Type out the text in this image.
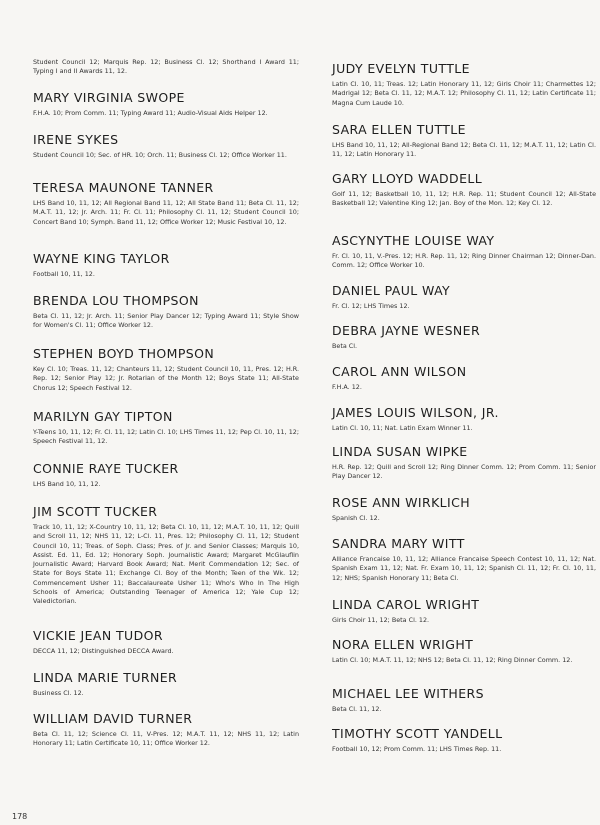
Student Council 12; Marquis Rep. 12; Business Cl. 12; Shorthand I Award 11; Typing I and II Awards 11, 12.
MARY VIRGINIA SWOPE
F.H.A. 10; Prom Comm. 11; Typing Award 11; Audio-Visual Aids Helper 12.
IRENE SYKES
Student Council 10; Sec. of HR. 10; Orch. 11; Business Cl. 12; Office Worker 11.
TERESA MAUNONE TANNER
LHS Band 10, 11, 12; All Regional Band 11, 12; All State Band 11; Beta Cl. 11, 12; M.A.T. 11, 12; Jr. Arch. 11; Fr. Cl. 11; Philosophy Cl. 11, 12; Student Council 10; Concert Band 10; Symph. Band 11, 12; Office Worker 12; Music Festival 10, 12.
WAYNE KING TAYLOR
Football 10, 11, 12.
BRENDA LOU THOMPSON
Beta Cl. 11, 12; Jr. Arch. 11; Senior Play Dancer 12; Typing Award 11; Style Show for Women's Cl. 11; Office Worker 12.
STEPHEN BOYD THOMPSON
Key Cl. 10; Treas. 11, 12; Chanteurs 11, 12; Student Council 10, 11, Pres. 12; H.R. Rep. 12; Senior Play 12; Jr. Rotarian of the Month 12; Boys State 11; All-State Chorus 12; Speech Festival 12.
MARILYN GAY TIPTON
Y-Teens 10, 11, 12; Fr. Cl. 11, 12; Latin Cl. 10; LHS Times 11, 12; Pep Cl. 10, 11, 12; Speech Festival 11, 12.
CONNIE RAYE TUCKER
LHS Band 10, 11, 12.
JIM SCOTT TUCKER
Track 10, 11, 12; X-Country 10, 11, 12; Beta Cl. 10, 11, 12; M.A.T. 10, 11, 12; Quill and Scroll 11, 12; NHS 11, 12; L-Cl. 11, Pres. 12; Philosophy Cl. 11, 12; Student Council 10, 11; Treas. of Soph. Class; Pres. of Jr. and Senior Classes; Marquis 10, Assist. Ed. 11, Ed. 12; Honorary Soph. Journalistic Award; Margaret McGlauflin Journalistic Award; Harvard Book Award; Nat. Merit Commendation 12; Sec. of State for Boys State 11; Exchange Cl. Boy of the Month; Teen of the Wk. 12; Commencement Usher 11; Baccalaureate Usher 11; Who's Who In The High Schools of America; Outstanding Teenager of America 12; Yale Cup 12; Valedictorian.
VICKIE JEAN TUDOR
DECCA 11, 12; Distinguished DECCA Award.
LINDA MARIE TURNER
Business Cl. 12.
WILLIAM DAVID TURNER
Beta Cl. 11, 12; Science Cl. 11, V-Pres. 12; M.A.T. 11, 12; NHS 11, 12; Latin Honorary 11; Latin Certificate 10, 11; Office Worker 12.
JUDY EVELYN TUTTLE
Latin Cl. 10, 11; Treas. 12; Latin Honorary 11, 12; Girls Choir 11; Charmettes 12; Madrigal 12; Beta Cl. 11, 12; M.A.T. 12; Philosophy Cl. 11, 12; Latin Certificate 11; Magna Cum Laude 10.
SARA ELLEN TUTTLE
LHS Band 10, 11, 12; All-Regional Band 12; Beta Cl. 11, 12; M.A.T. 11, 12; Latin Cl. 11, 12; Latin Honorary 11.
GARY LLOYD WADDELL
Golf 11, 12; Basketball 10, 11, 12; H.R. Rep. 11; Student Council 12; All-State Basketball 12; Valentine King 12; Jan. Boy of the Mon. 12; Key Cl. 12.
ASCYNYTHE LOUISE WAY
Fr. Cl. 10, 11, V.-Pres. 12; H.R. Rep. 11, 12; Ring Dinner Chairman 12; Dinner-Dan. Comm. 12; Office Worker 10.
DANIEL PAUL WAY
Fr. Cl. 12; LHS Times 12.
DEBRA JAYNE WESNER
Beta Cl.
CAROL ANN WILSON
F.H.A. 12.
JAMES LOUIS WILSON, JR.
Latin Cl. 10, 11; Nat. Latin Exam Winner 11.
LINDA SUSAN WIPKE
H.R. Rep. 12; Quill and Scroll 12; Ring Dinner Comm. 12; Prom Comm. 11; Senior Play Dancer 12.
ROSE ANN WIRKLICH
Spanish Cl. 12.
SANDRA MARY WITT
Alliance Francaise 10, 11, 12; Alliance Francaise Speech Contest 10, 11, 12; Nat. Spanish Exam 11, 12; Nat. Fr. Exam 10, 11, 12; Spanish Cl. 11, 12; Fr. Cl. 10, 11, 12; NHS; Spanish Honorary 11; Beta Cl.
LINDA CAROL WRIGHT
Girls Choir 11, 12; Beta Cl. 12.
NORA ELLEN WRIGHT
Latin Cl. 10; M.A.T. 11, 12; NHS 12; Beta Cl. 11, 12; Ring Dinner Comm. 12.
MICHAEL LEE WITHERS
Beta Cl. 11, 12.
TIMOTHY SCOTT YANDELL
Football 10, 12; Prom Comm. 11; LHS Times Rep. 11.
178
